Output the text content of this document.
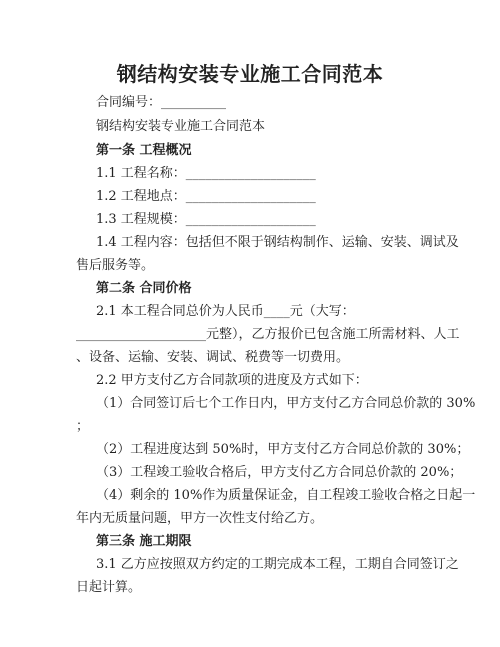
钢结构安装专业施工合同范本
合同编号：__________
钢结构安装专业施工合同范本
第一条 工程概况
1.1 工程名称：____________________
1.2 工程地点：____________________
1.3 工程规模：____________________
1.4 工程内容：包括但不限于钢结构制作、运输、安装、调试及
售后服务等。
第二条 合同价格
2.1 本工程合同总价为人民币____元（大写：
____________________元整），乙方报价已包含施工所需材料、人工
、设备、运输、安装、调试、税费等一切费用。
2.2 甲方支付乙方合同款项的进度及方式如下：
（1）合同签订后七个工作日内，甲方支付乙方合同总价款的 30%
；
（2）工程进度达到 50%时，甲方支付乙方合同总价款的 30%；
（3）工程竣工验收合格后，甲方支付乙方合同总价款的 20%；
（4）剩余的 10%作为质量保证金，自工程竣工验收合格之日起一
年内无质量问题，甲方一次性支付给乙方。
第三条 施工期限
3.1 乙方应按照双方约定的工期完成本工程，工期自合同签订之
日起计算。
